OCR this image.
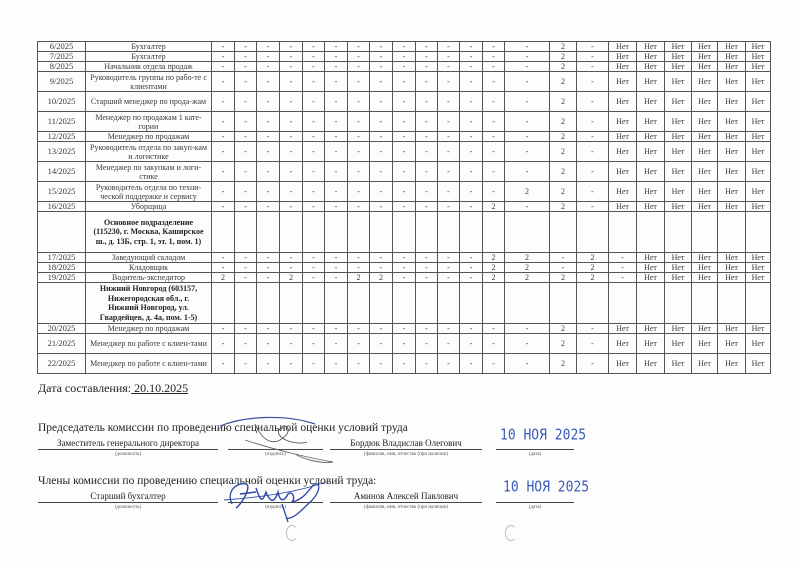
6/2025	Бухгалтер	-	-	-	-	-	-	-	-	-	-	-	-	-	-	2	-	Нет	Нет	Нет	Нет	Нет	Нет
7/2025	Бухгалтер	-	-	-	-	-	-	-	-	-	-	-	-	-	-	2	-	Нет	Нет	Нет	Нет	Нет	Нет
8/2025	Начальник отдела продаж	-	-	-	-	-	-	-	-	-	-	-	-	-	-	2	-	Нет	Нет	Нет	Нет	Нет	Нет
9/2025	Руководитель группы по рабо-те с клиентами	-	-	-	-	-	-	-	-	-	-	-	-	-	-	2	-	Нет	Нет	Нет	Нет	Нет	Нет
10/2025	Старший менеджер по прода-жам	-	-	-	-	-	-	-	-	-	-	-	-	-	-	2	-	Нет	Нет	Нет	Нет	Нет	Нет
11/2025	Менеджер по продажам 1 кате-гории	-	-	-	-	-	-	-	-	-	-	-	-	-	-	2	-	Нет	Нет	Нет	Нет	Нет	Нет
12/2025	Менеджер по продажам	-	-	-	-	-	-	-	-	-	-	-	-	-	-	2	-	Нет	Нет	Нет	Нет	Нет	Нет
13/2025	Руководитель отдела по закуп-кам и логистике	-	-	-	-	-	-	-	-	-	-	-	-	-	-	2	-	Нет	Нет	Нет	Нет	Нет	Нет
14/2025	Менеджер по закупкам и логи-стике	-	-	-	-	-	-	-	-	-	-	-	-	-	-	2	-	Нет	Нет	Нет	Нет	Нет	Нет
15/2025	Руководитель отдела по техни-ческой поддержке и сервису	-	-	-	-	-	-	-	-	-	-	-	-	-	2	2	-	Нет	Нет	Нет	Нет	Нет	Нет
16/2025	Уборщица	-	-	-	-	-	-	-	-	-	-	-	-	2	-	2	-	Нет	Нет	Нет	Нет	Нет	Нет
	Основное подразделение (115230, г. Москва, Каширское ш., д. 13Б, стр. 1, эт. 1, пом. 1)																						
17/2025	Заведующий складом	-	-	-	-	-	-	-	-	-	-	-	-	2	2	-	2	-	Нет	Нет	Нет	Нет	Нет
18/2025	Кладовщик	-	-	-	-	-	-	-	-	-	-	-	-	2	2	-	2	-	Нет	Нет	Нет	Нет	Нет
19/2025	Водитель-экспедитор	2	-	-	2	-	-	2	2	-	-	-	-	2	2	2	2	-	Нет	Нет	Нет	Нет	Нет
	Нижний Новгород (603157, Нижегородская обл., г. Нижний Новгород, ул. Гвардейцев, д. 4а, пом. 1-5)																						
20/2025	Менеджер по продажам	-	-	-	-	-	-	-	-	-	-	-	-	-	-	2	-	Нет	Нет	Нет	Нет	Нет	Нет
21/2025	Менеджер по работе с клиен-тами	-	-	-	-	-	-	-	-	-	-	-	-	-	-	2	-	Нет	Нет	Нет	Нет	Нет	Нет
22/2025	Менеджер по работе с клиен-тами	-	-	-	-	-	-	-	-	-	-	-	-	-	-	2	-	Нет	Нет	Нет	Нет	Нет	Нет
Дата составления: 20.10.2025
Председатель комиссии по проведению специальной оценки условий труда
Заместитель генерального директора
(должность)	(подпись)
Бордюк Владислав Олегович
(фамилия, имя, отчество (при наличии)	(дата)
10 НОЯ 2025
Члены комиссии по проведению специальной оценки условий труда:
Старший бухгалтер
(должность)	(подпись)
Аминов Алексей Павлович
(фамилия, имя, отчество (при наличии)	(дата)
10 НОЯ 2025
